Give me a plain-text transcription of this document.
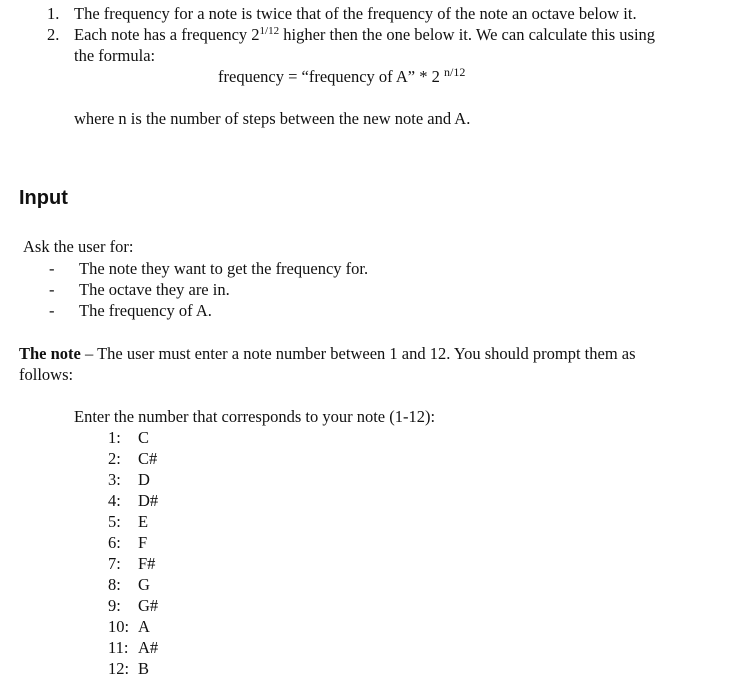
1. The frequency for a note is twice that of the frequency of the note an octave below it.
2. Each note has a frequency $2^{1/12}$ higher then the one below it. We can calculate this using
the formula:
frequency = “frequency of A” * 2 $^{n/12}$
where n is the number of steps between the new note and A.
Input
Ask the user for:
- The note they want to get the frequency for.
- The octave they are in.
- The frequency of A.
The note – The user must enter a note number between 1 and 12. You should prompt them as
follows:
Enter the number that corresponds to your note (1-12):
1: C
2: C#
3: D
4: D#
5: E
6: F
7: F#
8: G
9: G#
10: A
11: A#
12: B
